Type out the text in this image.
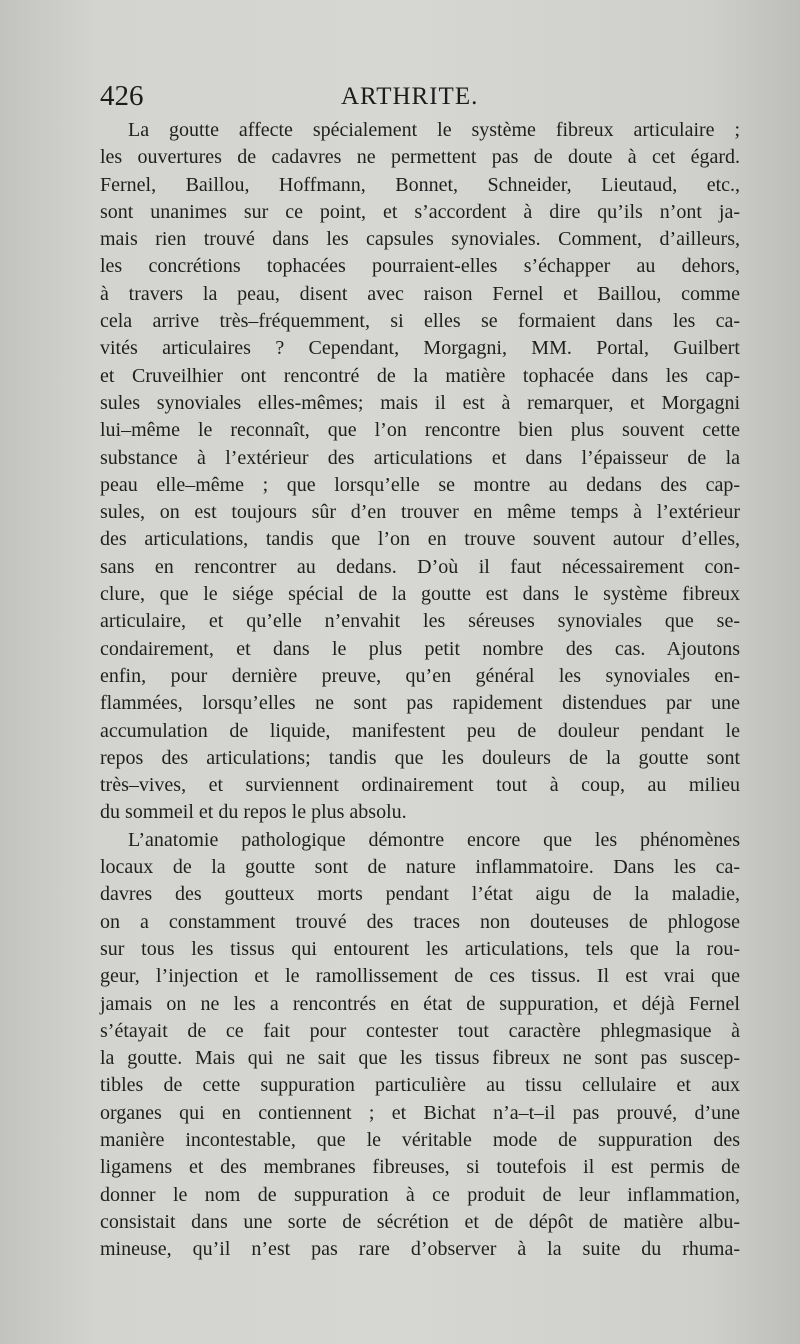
426	ARTHRITE.
La goutte affecte spécialement le système fibreux articulaire ;
les ouvertures de cadavres ne permettent pas de doute à cet égard.
Fernel, Baillou, Hoffmann, Bonnet, Schneider, Lieutaud, etc.,
sont unanimes sur ce point, et s’accordent à dire qu’ils n’ont ja-
mais rien trouvé dans les capsules synoviales. Comment, d’ailleurs,
les concrétions tophacées pourraient-elles s’échapper au dehors,
à travers la peau, disent avec raison Fernel et Baillou, comme
cela arrive très–fréquemment, si elles se formaient dans les ca-
vités articulaires ? Cependant, Morgagni, MM. Portal, Guilbert
et Cruveilhier ont rencontré de la matière tophacée dans les cap-
sules synoviales elles-mêmes; mais il est à remarquer, et Morgagni
lui–même le reconnaît, que l’on rencontre bien plus souvent cette
substance à l’extérieur des articulations et dans l’épaisseur de la
peau elle–même ; que lorsqu’elle se montre au dedans des cap-
sules, on est toujours sûr d’en trouver en même temps à l’extérieur
des articulations, tandis que l’on en trouve souvent autour d’elles,
sans en rencontrer au dedans. D’où il faut nécessairement con-
clure, que le siége spécial de la goutte est dans le système fibreux
articulaire, et qu’elle n’envahit les séreuses synoviales que se-
condairement, et dans le plus petit nombre des cas. Ajoutons
enfin, pour dernière preuve, qu’en général les synoviales en-
flammées, lorsqu’elles ne sont pas rapidement distendues par une
accumulation de liquide, manifestent peu de douleur pendant le
repos des articulations; tandis que les douleurs de la goutte sont
très–vives, et surviennent ordinairement tout à coup, au milieu
du sommeil et du repos le plus absolu.
L’anatomie pathologique démontre encore que les phénomènes
locaux de la goutte sont de nature inflammatoire. Dans les ca-
davres des goutteux morts pendant l’état aigu de la maladie,
on a constamment trouvé des traces non douteuses de phlogose
sur tous les tissus qui entourent les articulations, tels que la rou-
geur, l’injection et le ramollissement de ces tissus. Il est vrai que
jamais on ne les a rencontrés en état de suppuration, et déjà Fernel
s’étayait de ce fait pour contester tout caractère phlegmasique à
la goutte. Mais qui ne sait que les tissus fibreux ne sont pas suscep-
tibles de cette suppuration particulière au tissu cellulaire et aux
organes qui en contiennent ; et Bichat n’a–t–il pas prouvé, d’une
manière incontestable, que le véritable mode de suppuration des
ligamens et des membranes fibreuses, si toutefois il est permis de
donner le nom de suppuration à ce produit de leur inflammation,
consistait dans une sorte de sécrétion et de dépôt de matière albu-
mineuse, qu’il n’est pas rare d’observer à la suite du rhuma-
